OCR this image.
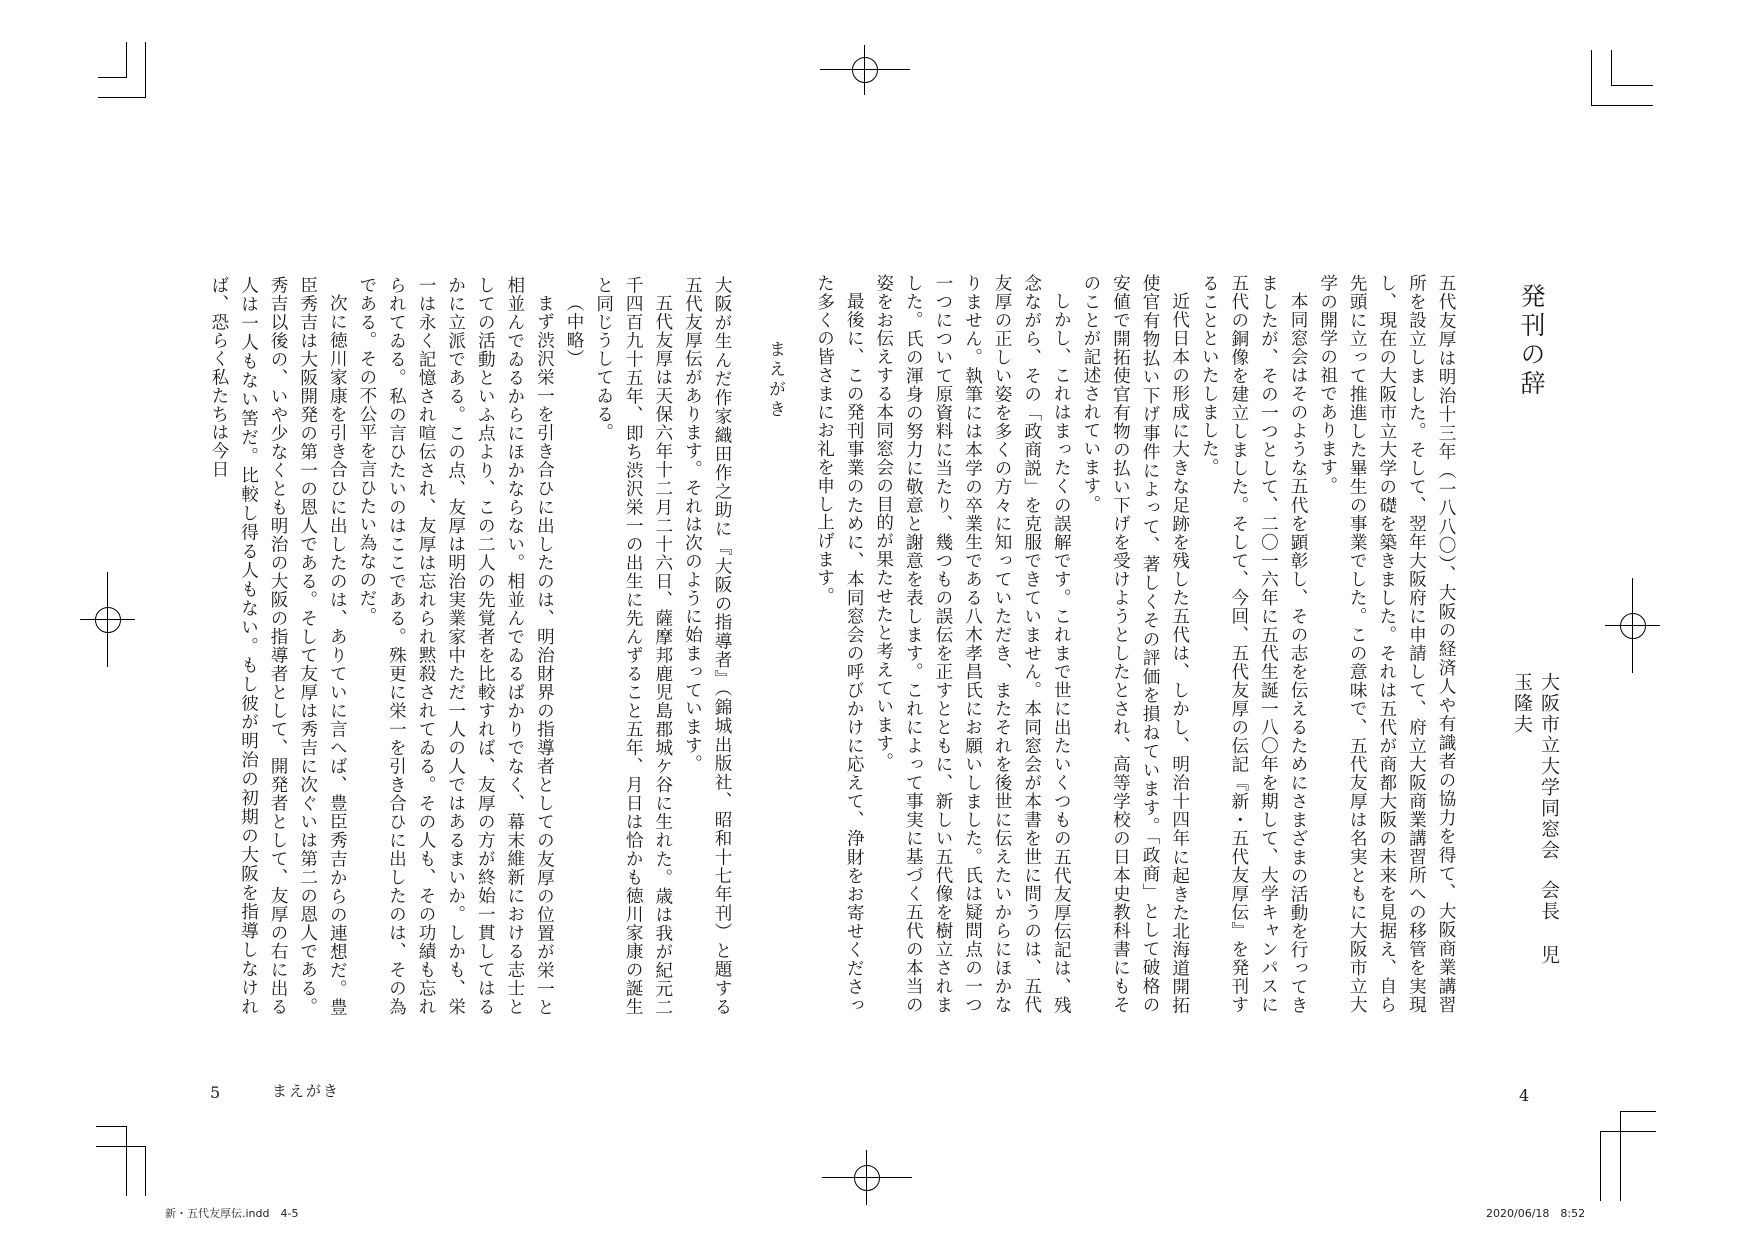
発刊の辞
大阪市立大学同窓会会長児玉隆夫

五代友厚は明治十三年（一八八〇）、大阪の経済人や有識者の協力を得て、大阪商業講習所を設立しました。そして、翌年大阪府に申請して、府立大阪商業講習所への移管を実現し、現在の大阪市立大学の礎を築きました。それは五代が商都大阪の未来を見据え、自ら先頭に立って推進した畢生の事業でした。この意味で、五代友厚は名実ともに大阪市立大学の開学の祖であります。

本同窓会はそのような五代を顕彰し、その志を伝えるためにさまざまの活動を行ってきましたが、その一つとして、二〇一六年に五代生誕一八〇年を期して、大学キャンパスに五代の銅像を建立しました。そして、今回、五代友厚の伝記『新・五代友厚伝』を発刊することといたしました。

近代日本の形成に大きな足跡を残した五代は、しかし、明治十四年に起きた北海道開拓使官有物払い下げ事件によって、著しくその評価を損ねています。「政商」として破格の安値で開拓使官有物の払い下げを受けようとしたとされ、高等学校の日本史教科書にもそのことが記述されています。

しかし、これはまったくの誤解です。これまで世に出たいくつもの五代友厚伝記は、残念ながら、その「政商説」を克服できていません。本同窓会が本書を世に問うのは、五代友厚の正しい姿を多くの方々に知っていただき、またそれを後世に伝えたいからにほかなりません。執筆には本学の卒業生である八木孝昌氏にお願いしました。氏は疑問点の一つ一つについて原資料に当たり、幾つもの誤伝を正すとともに、新しい五代像を樹立されました。氏の渾身の努力に敬意と謝意を表します。これによって事実に基づく五代の本当の姿をお伝えする本同窓会の目的が果たせたと考えています。

最後に、この発刊事業のために、本同窓会の呼びかけに応えて、浄財をお寄せくださった多くの皆さまにお礼を申し上げます。

4
まえがき

大阪が生んだ作家織田作之助に『大阪の指導者』（錦城出版社、昭和十七年刊）と題する五代友厚伝があります。それは次のように始まっています。

五代友厚は天保六年十二月二十六日、薩摩邦鹿児島郡城ケ谷に生れた。歳は我が紀元二千四百九十五年、即ち渋沢栄一の出生に先んずること五年、月日は恰かも徳川家康の誕生と同じうしてゐる。

（中略）

まず渋沢栄一を引き合ひに出したのは、明治財界の指導者としての友厚の位置が栄一と相並んでゐるからにほかならない。相並んでゐるばかりでなく、幕末維新における志士としての活動といふ点より、この二人の先覚者を比較すれば、友厚の方が終始一貫してはるかに立派である。この点、友厚は明治実業家中ただ一人の人ではあるまいか。しかも、栄一は永く記憶され喧伝され、友厚は忘れられ黙殺されてゐる。その人も、その功績も忘れられてゐる。私の言ひたいのはここである。殊更に栄一を引き合ひに出したのは、その為である。その不公平を言ひたい為なのだ。

次に徳川家康を引き合ひに出したのは、ありていに言へば、豊臣秀吉からの連想だ。豊臣秀吉は大阪開発の第一の恩人である。そして友厚は秀吉に次ぐいは第二の恩人である。秀吉以後の、いや少なくとも明治の大阪の指導者として、開発者として、友厚の右に出る人は一人もない筈だ。比較し得る人もない。もし彼が明治の初期の大阪を指導しなければ、恐らく私たちは今日

5	まえがき
新・五代友厚伝.indd　4-5	2020/06/18　8:52
